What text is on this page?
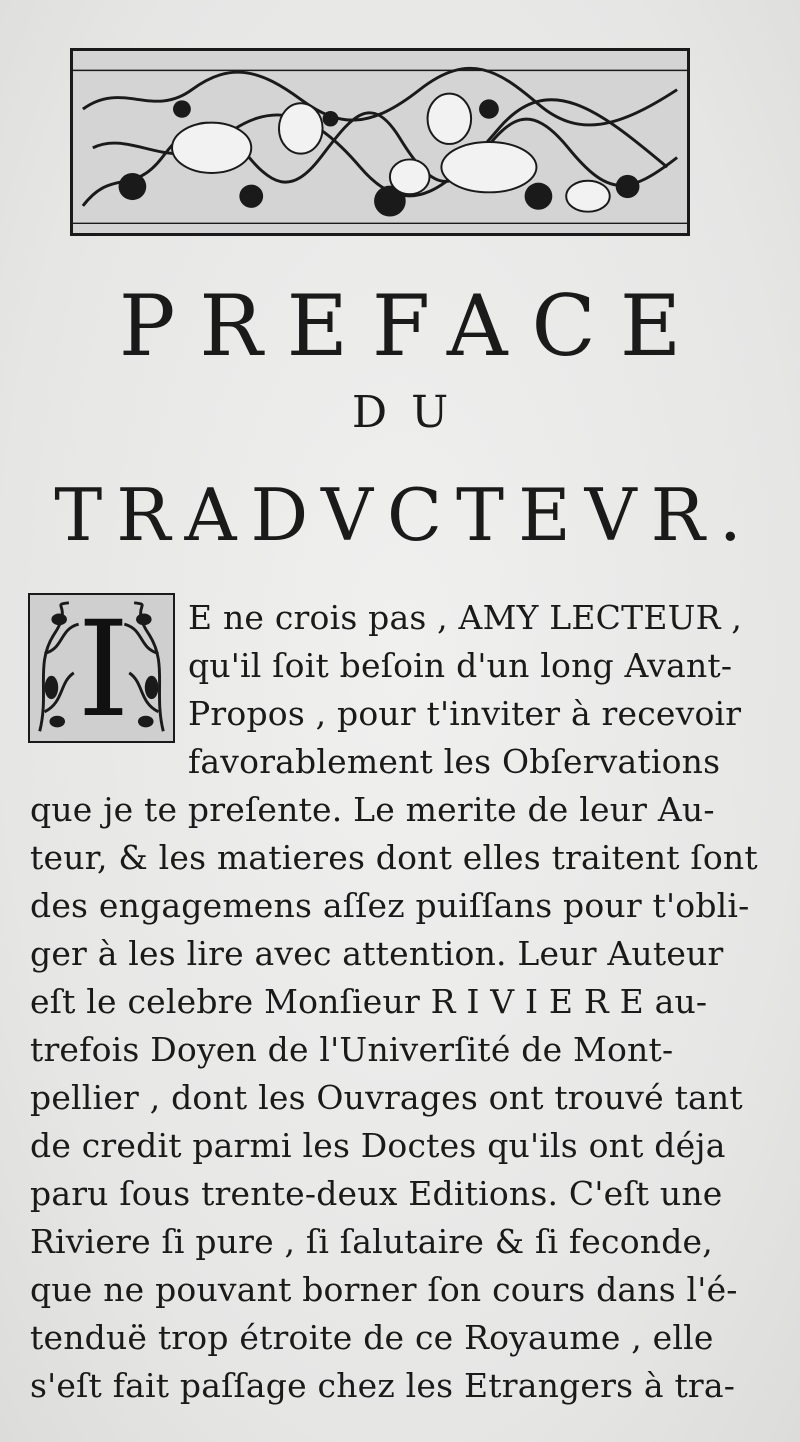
PREFACE
DU
TRADVCTEVR.
I	E ne crois pas , AMY LECTEUR ,
qu'il ſoit beſoin d'un long Avant-
Propos , pour t'inviter à recevoir
favorablement les Obſervations
que je te preſente. Le merite de leur Au-
teur, & les matieres dont elles traitent ſont
des engagemens aſſez puiſſans pour t'obli-
ger à les lire avec attention. Leur Auteur
eſt le celebre Monſieur R I V I E R E au-
trefois Doyen de l'Univerſité de Mont-
pellier , dont les Ouvrages ont trouvé tant
de credit parmi les Doctes qu'ils ont déja
paru ſous trente-deux Editions. C'eſt une
Riviere ſi pure , ſi ſalutaire & ſi feconde,
que ne pouvant borner ſon cours dans l'é-
tenduë trop étroite de ce Royaume , elle
s'eſt fait paſſage chez les Etrangers à tra-
